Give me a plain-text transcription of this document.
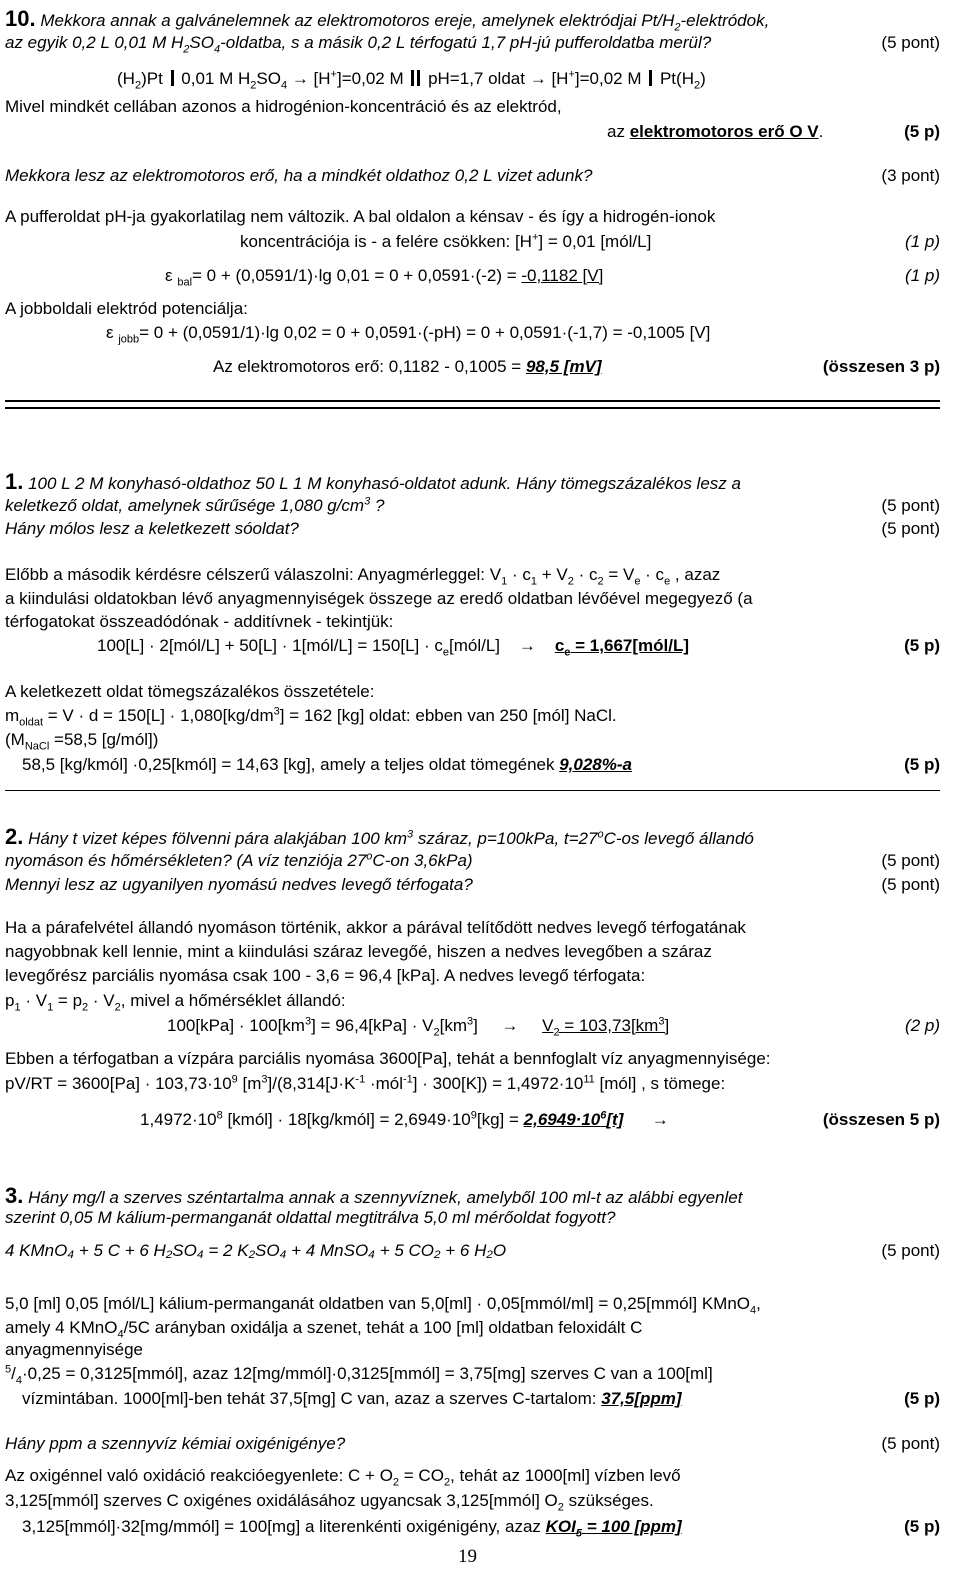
10. Mekkora annak a galvánelemnek az elektromotoros ereje, amelynek elektródjai $Pt/H_2$-elektródok,
az egyik 0,2 L 0,01 M $H_2SO_4$-oldatba, s a másik 0,2 L térfogatú 1,7 pH-jú pufferoldatba merül?	(5 pont)
$(H_2)Pt$ 0,01 M $H_2SO_4 \to [H^+]=0,02$ M pH=1,7 oldat → [H+]=0,02 M $Pt(H_2)$
Mivel mindkét cellában azonos a hidrogénion-koncentráció és az elektród,
az elektromotoros erő O V.	(5 p)
Mekkora lesz az elektromotoros erő, ha a mindkét oldathoz 0,2 L vizet adunk?	(3 pont)
A pufferoldat pH-ja gyakorlatilag nem változik. A bal oldalon a kénsav - és így a hidrogén-ionok
koncentrációja is - a felére csökken: [H+] = 0,01 [mól/L]	(1 p)
ε $_{bal}$= 0 + (0,0591/1)·lg 0,01 = 0 + 0,0591·(-2) = -0,1182 [V]	(1 p)
A jobboldali elektród potenciálja:
ε $_{jobb}$= 0 + (0,0591/1)·lg 0,02 = 0 + 0,0591·(-pH) = 0 + 0,0591·(-1,7) = -0,1005 [V]
Az elektromotoros erő: 0,1182 - 0,1005 = 98,5 [mV]	(összesen 3 p)
1. 100 L 2 M konyhasó-oldathoz 50 L 1 M konyhasó-oldatot adunk. Hány tömegszázalékos lesz a
keletkező oldat, amelynek sűrűsége 1,080 $g/cm^3$ ?	(5 pont)
Hány mólos lesz a keletkezett sóoldat?	(5 pont)
Előbb a második kérdésre célszerű válaszolni: Anyagmérleggel: $V_1 \cdot c_1 + V_2 \cdot c_2 = V_e \cdot c_e$ , azaz
a kiindulási oldatokban lévő anyagmennyiségek összege az eredő oldatban lévőével megegyező (a
térfogatokat összeadódónak - additívnek - tekintjük:
100[L] · 2[mól/L] + 50[L] · 1[mól/L] = $150[L] \cdot c_e[mól/L] \to c_e$ = 1,667[mól/L]	(5 p)
A keletkezett oldat tömegszázalékos összetétele:
$m_{oldat} = V \cdot d = 150[L] \cdot 1,080[kg/dm^3] = 162$ [kg] oldat: ebben van 250 [mól] NaCl.
($M_{NaCl} =58,5$ [g/mól])
58,5 [kg/kmól] ·0,25[kmól] = 14,63 [kg], amely a teljes oldat tömegének 9,028%-a	(5 p)
2. Hány t vizet képes fölvenni pára alakjában 100 $km^3$ száraz, p=100kPa, $t=27^oC-os$ levegő állandó
nyomáson és hőmérsékleten? (A víz tenziója 27$^o$C-on 3,6kPa)	(5 pont)
Mennyi lesz az ugyanilyen nyomású nedves levegő térfogata?	(5 pont)
Ha a párafelvétel állandó nyomáson történik, akkor a párával telítődött nedves levegő térfogatának
nagyobbnak kell lennie, mint a kiindulási száraz levegőé, hiszen a nedves levegőben a száraz
levegőrész parciális nyomása csak 100 - 3,6 = 96,4 [kPa]. A nedves levegő térfogata:
$p_1 \cdot V_1 = p_2 \cdot V_2$, mivel a hőmérséklet állandó:
$100[kPa] \cdot 100[km^3] = 96,4[kPa] \cdot V_2[km^3] \to V_2 = 103,73[km^3]$	(2 p)
Ebben a térfogatban a vízpára parciális nyomása 3600[Pa], tehát a bennfoglalt víz anyagmennyisége:
$pV/RT = 3600[Pa] \cdot 103,73\cdot 10^9$ $[m^3]/(8,314[J\cdot K^{-1}$ ·mól$^{-1}$] · $300[K]) = 1,4972\cdot 10^{11}$ [mól] , s tömege:
$1,4972\cdot 10^8$ [kmól] · 18[kg/kmól] = $2,6949\cdot 10^9[kg] = 2,6949\cdot 10^6[t]$ →	(összesen 5 p)
3. Hány mg/l a szerves széntartalma annak a szennyvíznek, amelyből 100 ml-t az alábbi egyenlet
szerint 0,05 M kálium-permanganát oldattal megtitrálva 5,0 ml mérőoldat fogyott?
4 KMnO₄ + 5 C + 6 H₂SO₄ = 2 K₂SO₄ + 4 MnSO₄ + 5 CO₂ + 6 H₂O	(5 pont)
5,0 [ml] 0,05 [mól/L] kálium-permanganát oldatben van 5,0[ml] · 0,05[mmól/ml] = 0,25[mmól] KMnO$_4$,
amely 4 KMnO$_4$/5C arányban oxidálja a szenet, tehát a 100 [ml] oldatban feloxidált C
anyagmennyisége
$^5/_4\cdot 0,25$ = 0,3125[mmól], azaz 12[mg/mmól]·0,3125[mmól] = 3,75[mg] szerves C van a 100[ml]
vízmintában. 1000[ml]-ben tehát 37,5[mg] C van, azaz a szerves C-tartalom: 37,5[ppm]	(5 p)
Hány ppm a szennyvíz kémiai oxigénigénye?	(5 pont)
Az oxigénnel való oxidáció reakcióegyenlete: $C + O_2 = CO_2$, tehát az 1000[ml] vízben levő
3,125[mmól] szerves C oxigénes oxidálásához ugyancsak 3,125[mmól] $O_2$ szükséges.
3,125[mmól]·32[mg/mmól] = 100[mg] a literenkénti oxigénigény, azaz $KOI_5 = 100$ [ppm]	(5 p)
19
